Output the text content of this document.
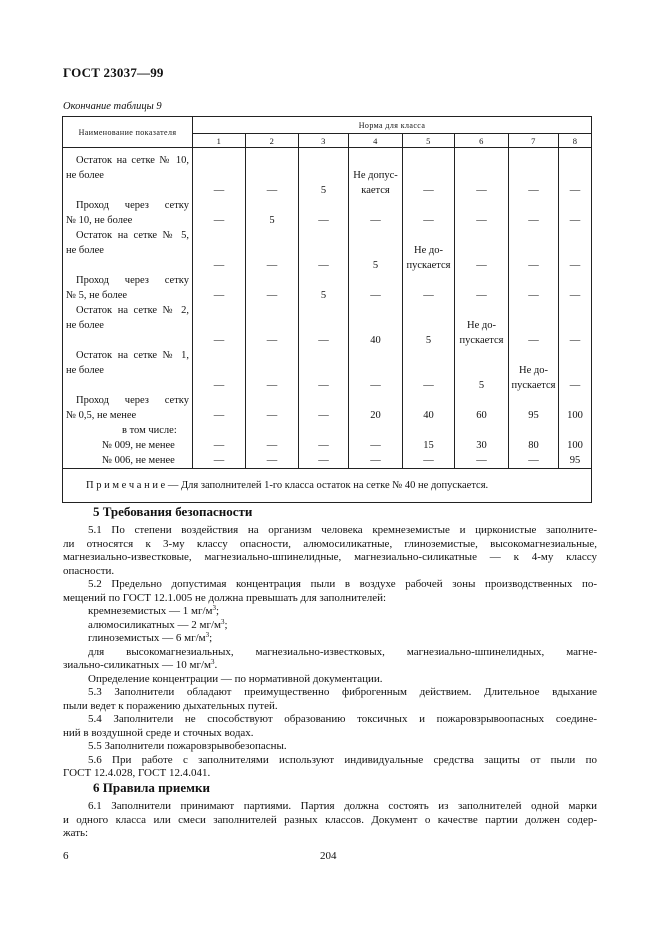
ГОСТ 23037—99
Окончание таблицы 9
Наименование показателя	Норма для класса							
	1	2	3	4	5	6	7	8

Остаток на сетке № 10,
не более	—	—	5	Не допус-кается	—	—	—	—

Проход через сетку
№ 10, не более	—	5	—	—	—	—	—	—

Остаток на сетке № 5,
не более	—	—	—	5	Не до-пускается	—	—	—

Проход через сетку
№ 5, не более	—	—	5	—	—	—	—	—

Остаток на сетке № 2,
не более	—	—	—	40	5	Не до-пускается	—	—

Остаток на сетке № 1,
не более	—	—	—	—	—	5	Не до-пускается	—

Проход через сетку
№ 0,5, не менее	—	—	—	20	40	60	95	100

в том числе:
№ 009, не менее	—	—	—	—	15	30	80	100

№ 006, не менее	—	—	—	—	—	—	—	95
П р и м е ч а н и е — Для заполнителей 1-го класса остаток на сетке № 40 не допускается.								
5 Требования безопасности
5.1 По степени воздействия на организм человека кремнеземистые и цирконистые заполните-
ли относятся к 3-му классу опасности, алюмосиликатные, глиноземистые, высокомагнезиальные,
магнезиально-известковые, магнезиально-шпинелидные, магнезиально-силикатные — к 4-му классу
опасности.
5.2 Предельно допустимая концентрация пыли в воздухе рабочей зоны производственных по-
мещений по ГОСТ 12.1.005 не должна превышать для заполнителей:
кремнеземистых — 1 $мг/м^3$;
алюмосиликатных — 2 $мг/м^3$;
глиноземистых — 6 $мг/м^3$;
для высокомагнезиальных, магнезиально-известковых, магнезиально-шпинелидных, магне-
зиально-силикатных — 10 $мг/м^3$.
Определение концентрации — по нормативной документации.
5.3 Заполнители обладают преимущественно фиброгенным действием. Длительное вдыхание
пыли ведет к поражению дыхательных путей.
5.4 Заполнители не способствуют образованию токсичных и пожаровзрывоопасных соедине-
ний в воздушной среде и сточных водах.
5.5 Заполнители пожаровзрывобезопасны.
5.6 При работе с заполнителями используют индивидуальные средства защиты от пыли по
ГОСТ 12.4.028, ГОСТ 12.4.041.
6 Правила приемки
6.1 Заполнители принимают партиями. Партия должна состоять из заполнителей одной марки
и одного класса или смеси заполнителей разных классов. Документ о качестве партии должен содер-
жать:
6	204
